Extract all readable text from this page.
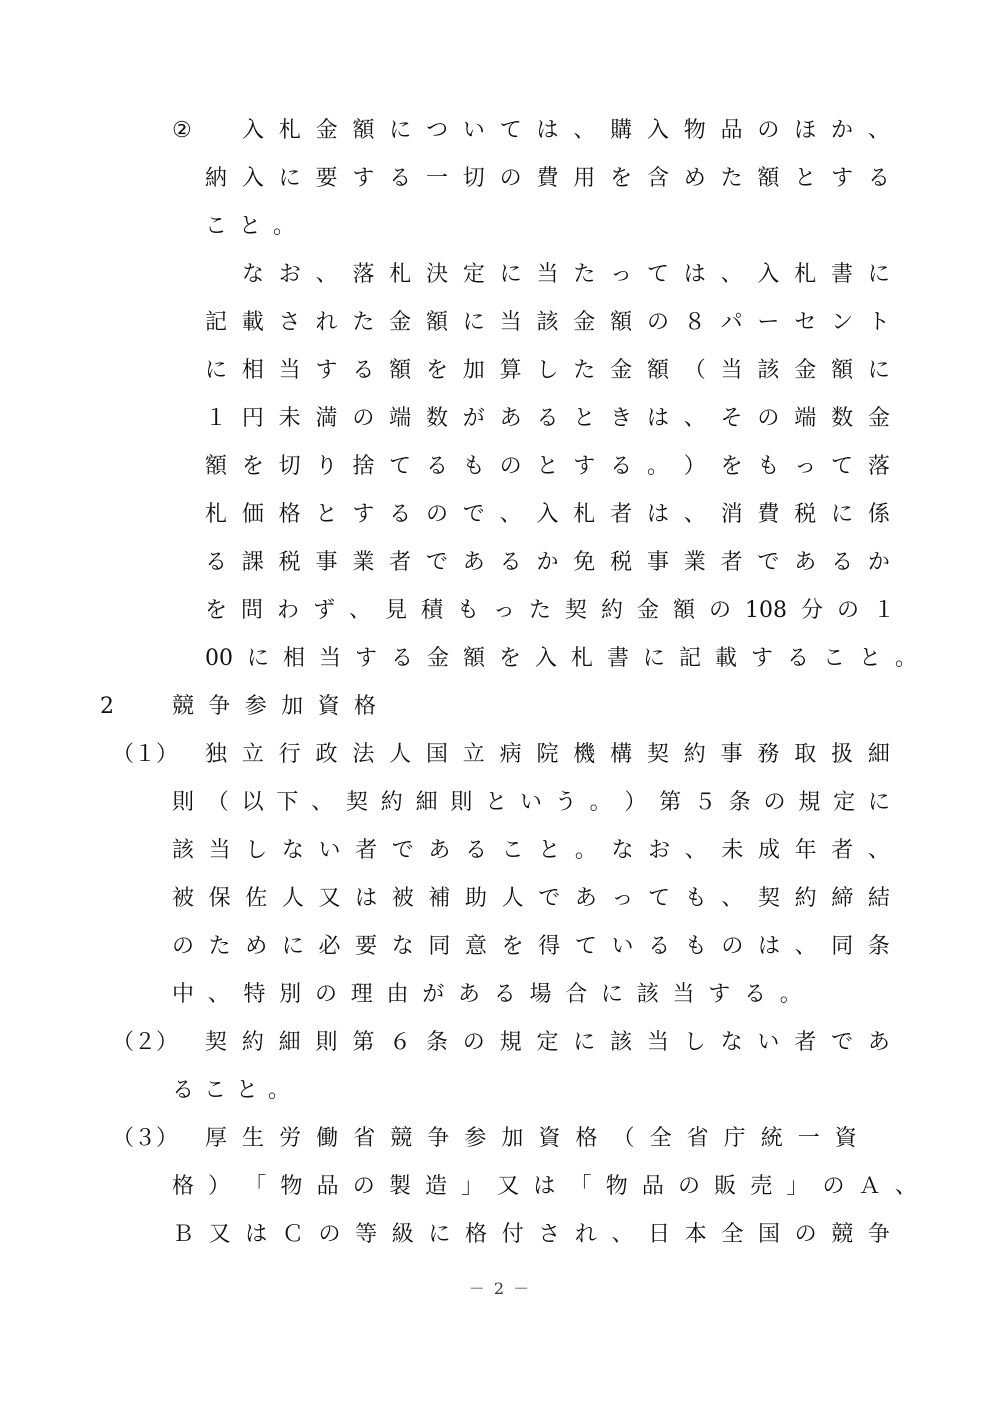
② 入 札 金 額 に つ い て は 、 購 入 物 品 の ほ か 、
納 入 に 要 す る 一 切 の 費 用 を 含 め た 額 と す る
こ と 。
な お 、 落 札 決 定 に 当 た っ て は 、 入 札 書 に
記 載 さ れ た 金 額 に 当 該 金 額 の ８ パ ー セ ン ト
に 相 当 す る 額 を 加 算 し た 金 額 （ 当 該 金 額 に
１ 円 未 満 の 端 数 が あ る と き は 、 そ の 端 数 金
額 を 切 り 捨 て る も の と す る 。 ） を も っ て 落
札 価 格 と す る の で 、 入 札 者 は 、 消 費 税 に 係
る 課 税 事 業 者 で あ る か 免 税 事 業 者 で あ る か
を 問 わ ず 、 見 積 も っ た 契 約 金 額 の 108 分 の １
00 に 相 当 す る 金 額 を 入 札 書 に 記 載 す る こ と 。
2	競 争 参 加 資 格
（１） 独 立 行 政 法 人 国 立 病 院 機 構 契 約 事 務 取 扱 細
則 （ 以 下 、 契 約 細 則 と い う 。 ） 第 ５ 条 の 規 定 に
該 当 し な い 者 で あ る こ と 。 な お 、 未 成 年 者 、
被 保 佐 人 又 は 被 補 助 人 で あ っ て も 、 契 約 締 結
の た め に 必 要 な 同 意 を 得 て い る も の は 、 同 条
中 、 特 別 の 理 由 が あ る 場 合 に 該 当 す る 。
（２） 契 約 細 則 第 ６ 条 の 規 定 に 該 当 し な い 者 で あ
る こ と 。
（３） 厚 生 労 働 省 競 争 参 加 資 格 （ 全 省 庁 統 一 資
格 ） 「 物 品 の 製 造 」 又 は 「 物 品 の 販 売 」 の Ａ 、
Ｂ 又 は Ｃ の 等 級 に 格 付 さ れ 、 日 本 全 国 の 競 争
－ 2 －
